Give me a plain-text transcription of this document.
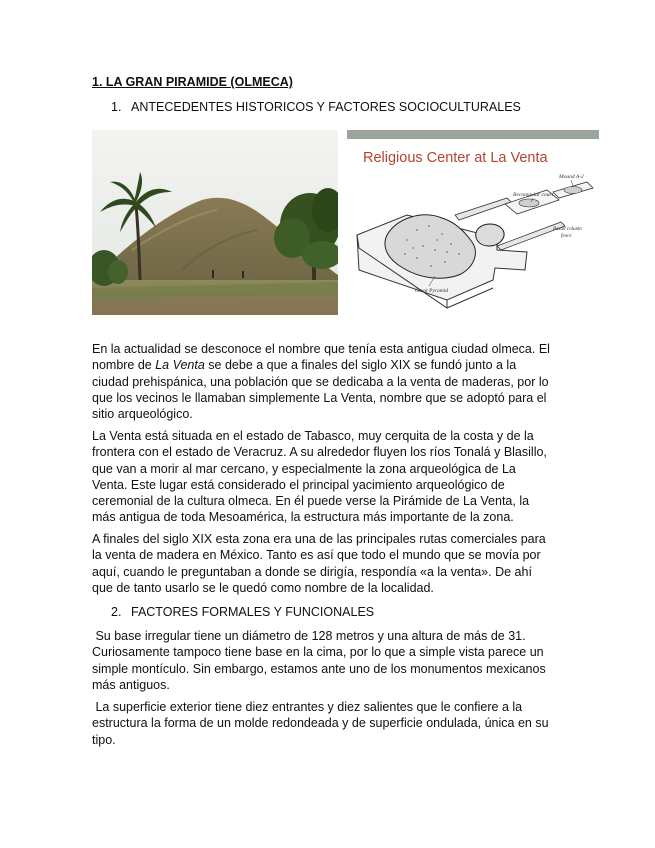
1. LA GRAN PIRAMIDE (OLMECA)
1. ANTECEDENTES HISTORICOS Y FACTORES SOCIOCULTURALES
Rectangular court
Mound A-2
Basalt column
fence
Great Pyramid
Religious Center at La Venta

En la actualidad se desconoce el nombre que tenía esta antigua ciudad olmeca. El
nombre de La Venta se debe a que a finales del siglo XIX se fundó junto a la
ciudad prehispánica, una población que se dedicaba a la venta de maderas, por lo
que los vecinos le llamaban simplemente La Venta, nombre que se adoptó para el
sitio arqueológico.

La Venta está situada en el estado de Tabasco, muy cerquita de la costa y de la
frontera con el estado de Veracruz. A su alrededor fluyen los ríos Tonalá y Blasillo,
que van a morir al mar cercano, y especialmente la zona arqueológica de La
Venta. Este lugar está considerado el principal yacimiento arqueológico de
ceremonial de la cultura olmeca. En él puede verse la Pirámide de La Venta, la
más antigua de toda Mesoamérica, la estructura más importante de la zona.

A finales del siglo XIX esta zona era una de las principales rutas comerciales para
la venta de madera en México. Tanto es así que todo el mundo que se movía por
aquí, cuando le preguntaban a donde se dirigía, respondía «a la venta». De ahí
que de tanto usarlo se le quedó como nombre de la localidad.

2. FACTORES FORMALES Y FUNCIONALES

Su base irregular tiene un diámetro de 128 metros y una altura de más de 31.
Curiosamente tampoco tiene base en la cima, por lo que a simple vista parece un
simple montículo. Sin embargo, estamos ante uno de los monumentos mexicanos
más antiguos.

La superficie exterior tiene diez entrantes y diez salientes que le confiere a la
estructura la forma de un molde redondeada y de superficie ondulada, única en su
tipo.
